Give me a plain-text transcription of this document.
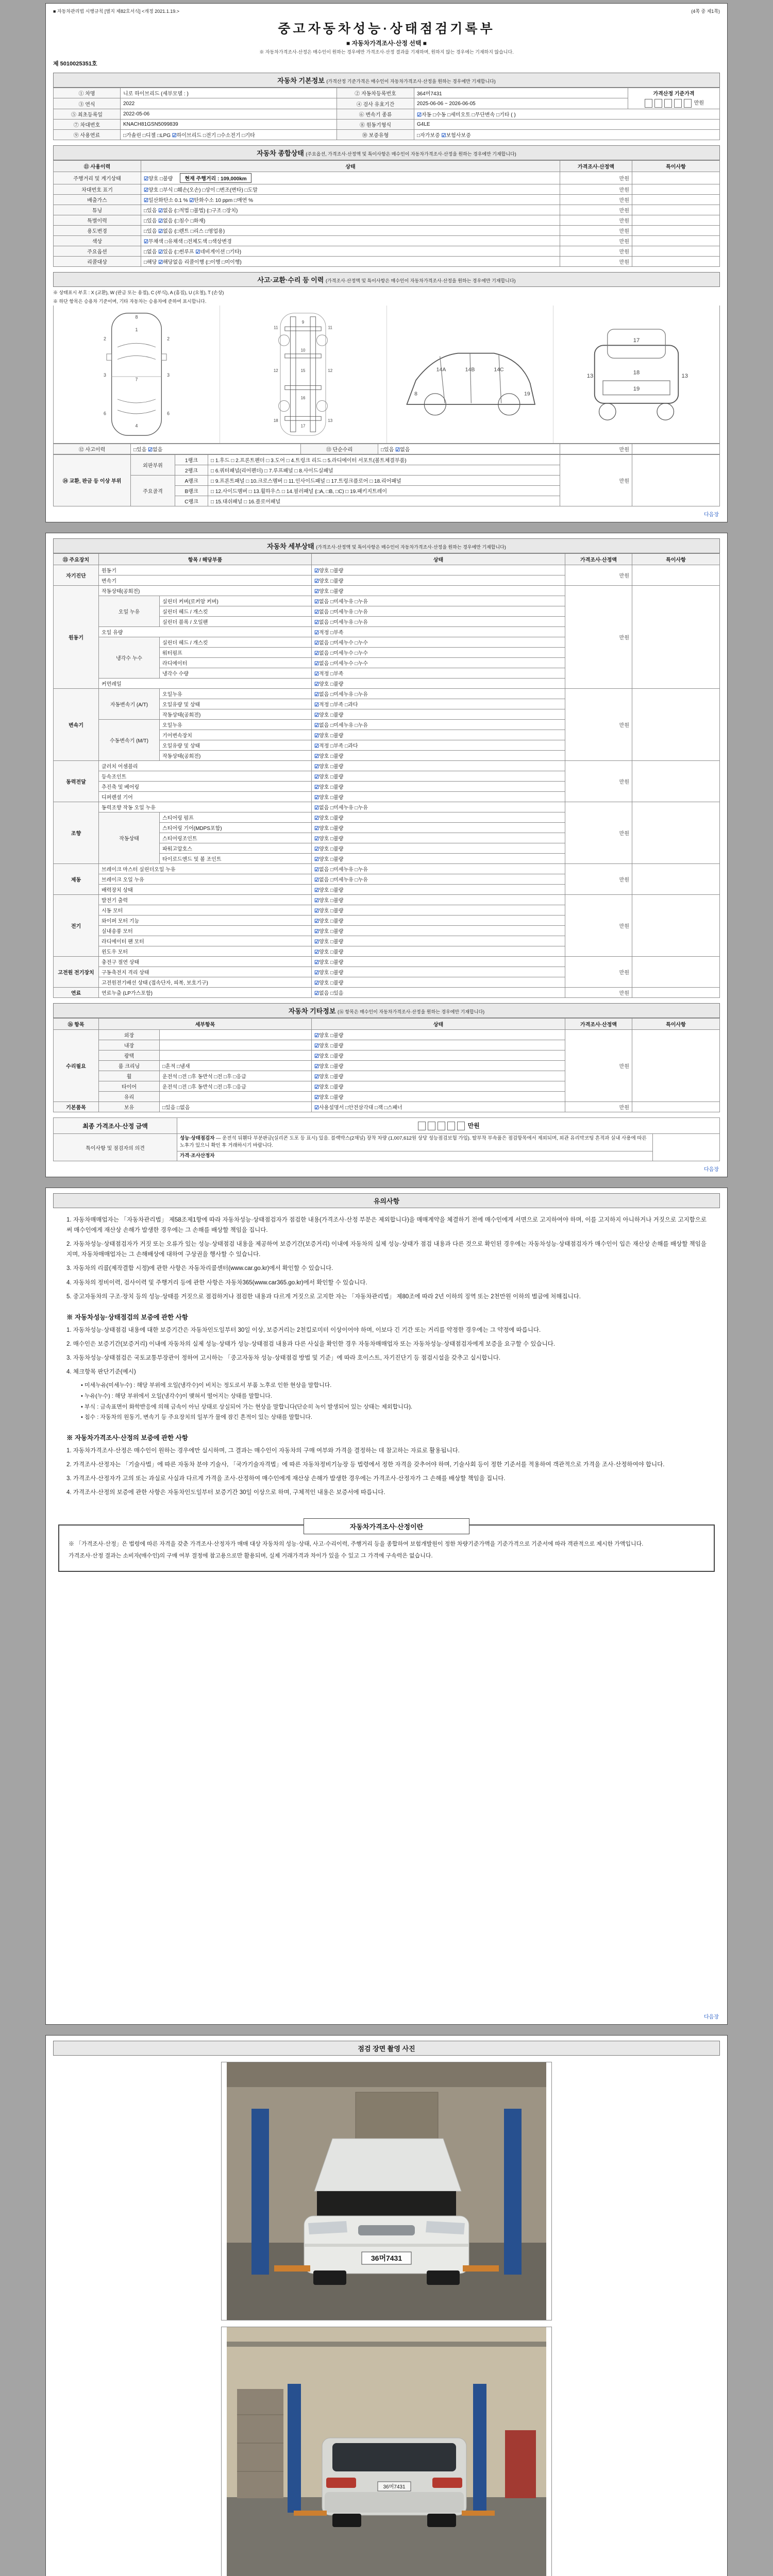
■ 자동차관리법 시행규칙 [별지 제82호서식] <개정 2021.1.19.>	(4쪽 중 제1쪽)
중고자동차성능·상태점검기록부
■ 자동차가격조사·산정 선택 ■
※ 자동차가격조사·산정은 매수인이 원하는 경우에만 가격조사·산정 결과를 기재하며, 원하지 않는 경우에는 기재하지 않습니다.
제 5010025351호
자동차 기본정보 (가격산정 기준가격은 매수인이 자동차가격조사·산정을 원하는 경우에만 기재합니다)
① 차명	니로 하이브리드 (세부모델 : )	② 자동차등록번호	364머7431	가격산정 기준가격
만원

③ 연식	2022	④ 검사 유효기간	2025-06-06 ~ 2026-06-05	
⑤ 최초등록일	2022-05-06	⑥ 변속기 종류	☑자동 □수동 □세미오토 □무단변속 □기타 ( )	
⑦ 차대번호	KNACH81GSN5099839	⑧ 원동기형식	G4LE	
⑨ 사용연료	□가솔린 □디젤 □LPG ☑하이브리드 □전기 □수소전기 □기타	⑩ 보증유형	□자가보증 ☑보험사보증	
자동차 종합상태 (주요옵션, 가격조사·산정액 및 특이사항은 매수인이 자동차가격조사·산정을 원하는 경우에만 기재합니다)
⑪ 사용이력	상태	가격조사·산정액	특이사항
주행거리 및 계기상태	☑양호 □불량 현재 주행거리 : 109,000km	만원	
차대번호 표기	☑양호 □부식 □훼손(오손) □상이 □변조(변타) □도말	만원	
배출가스	☑일산화탄소 0.1 % ☑탄화수소 10 ppm □매연 %	만원	
튜닝	□있음 ☑없음 (□적법 □불법) (□구조 □장치)	만원	
특별이력	□있음 ☑없음 (□침수 □화재)	만원	
용도변경	□있음 ☑없음 (□렌트 □리스 □영업용)	만원	
색상	☑무채색 □유채색 □전체도색 □색상변경	만원	
주요옵션	□없음 ☑있음 (□썬루프 ☑네비게이션 □기타)	만원	
리콜대상	□해당 ☑해당없음 리콜이행 (□이행 □미이행)	만원	
사고·교환·수리 등 이력 (가격조사·산정액 및 특이사항은 매수인이 자동차가격조사·산정을 원하는 경우에만 기재합니다)
※ 상태표시 부호 : X (교환), W (판금 또는 용접), C (부식), A (흠집), U (요철), T (손상)
※ 하단 항목은 승용차 기준이며, 기타 자동차는 승용차에 준하여 표시합니다.
1
7
4
2	2
3	3
6	6
8
9
10
15
16
17
12	12
11	11
18	13
14A	14B	14C
8	19
17
18
19
13	13
⑫ 사고이력	□있음 ☑없음	⑬ 단순수리	□있음 ☑없음	만원	
⑭ 교환, 판금 등 이상 부위	외판부위	1랭크	□ 1.후드 □ 2.프론트펜더 □ 3.도어 □ 4.트렁크 리드 □ 5.라디에이터 서포트(볼트체결부품)	만원	
		2랭크	□ 6.쿼터패널(리어펜더) □ 7.루프패널 □ 8.사이드실패널		
	주요골격	A랭크	□ 9.프론트패널 □ 10.크로스멤버 □ 11.인사이드패널 □ 17.트렁크플로어 □ 18.리어패널		
		B랭크	□ 12.사이드멤버 □ 13.휠하우스 □ 14.필러패널 (□A, □B, □C) □ 19.패키지트레이		
		C랭크	□ 15.대쉬패널 □ 16.플로어패널		
다음장
자동차 세부상태 (가격조사·산정액 및 특이사항은 매수인이 자동차가격조사·산정을 원하는 경우에만 기재합니다)
⑮ 주요장치	항목 / 해당부품		상태	가격조사·산정액	특이사항
자기진단	원동기		☑양호 □불량	만원	
	변속기		☑양호 □불량		
원동기	작동상태(공회전)		☑양호 □불량	만원	
	오일 누유	실린더 커버(로커암 커버)	☑없음 □미세누유 □누유		
		실린더 헤드 / 개스킷	☑없음 □미세누유 □누유		
		실린더 블록 / 오일팬	☑없음 □미세누유 □누유		
	오일 유량		☑적정 □부족		
	냉각수 누수	실린더 헤드 / 개스킷	☑없음 □미세누수 □누수		
		워터펌프	☑없음 □미세누수 □누수		
		라디에이터	☑없음 □미세누수 □누수		
		냉각수 수량	☑적정 □부족		
	커먼레일		☑양호 □불량		
변속기	자동변속기 (A/T)	오일누유	☑없음 □미세누유 □누유	만원	
		오일유량 및 상태	☑적정 □부족 □과다		
		작동상태(공회전)	☑양호 □불량		
	수동변속기 (M/T)	오일누유	☑없음 □미세누유 □누유		
		기어변속장치	☑양호 □불량		
		오일유량 및 상태	☑적정 □부족 □과다		
		작동상태(공회전)	☑양호 □불량		
동력전달	클러치 어셈블리		☑양호 □불량	만원	
	등속조인트		☑양호 □불량		
	추진축 및 베어링		☑양호 □불량		
	디퍼렌셜 기어		☑양호 □불량		
조향	동력조향 작동 오일 누유		☑없음 □미세누유 □누유	만원	
	작동상태	스티어링 펌프	☑양호 □불량		
		스티어링 기어(MDPS포함)	☑양호 □불량		
		스티어링조인트	☑양호 □불량		
		파워고압호스	☑양호 □불량		
		타이로드엔드 및 볼 조인트	☑양호 □불량		
제동	브레이크 마스터 실린더오일 누유		☑없음 □미세누유 □누유	만원	
	브레이크 오일 누유		☑없음 □미세누유 □누유		
	배력장치 상태		☑양호 □불량		
전기	발전기 출력		☑양호 □불량	만원	
	시동 모터		☑양호 □불량		
	와이퍼 모터 기능		☑양호 □불량		
	실내송풍 모터		☑양호 □불량		
	라디에이터 팬 모터		☑양호 □불량		
	윈도우 모터		☑양호 □불량		
고전원 전기장치	충전구 절연 상태		☑양호 □불량	만원	
	구동축전지 격리 상태		☑양호 □불량		
	고전원전기배선 상태 (접속단자, 피복, 보호기구)		☑양호 □불량		
연료	연료누출 (LP가스포함)		☑없음 □있음	만원	
자동차 기타정보 (⑯ 항목은 매수인이 자동차가격조사·산정을 원하는 경우에만 기재합니다)
⑯ 항목	세부항목		상태	가격조사·산정액	특이사항
수리필요	외장		☑양호 □불량	만원	
	내장		☑양호 □불량		
	광택		☑양호 □불량		
	룸 크리닝	□흔적 □냄새	☑양호 □불량		
	휠	운전석 □전 □후 동반석 □전 □후 □응급	☑양호 □불량		
	타이어	운전석 □전 □후 동반석 □전 □후 □응급	☑양호 □불량		
	유리		☑양호 □불량		
기본품목	보유	□있음 □없음	☑사용설명서 □안전삼각대 □잭 □스패너	만원	
최종 가격조사·산정 금액	만원	
특이사항 및 점검자의 의견	성능·상태점검자 — 운전석 뒤휀다 부분판금(실리콘 도포 등 표시) 있음. 블랙박스(2채널) 장착 차량 (1,007,612원 상당 성능점검보험 가입). 탈부착 부속품은 점검항목에서 제외되며, 외관 유리막코팅 흔적과 실내 사용에 따른 노후가 있으니 확인 후 거래하시기 바랍니다.	
	가격·조사산정자	
다음장
유의사항

1. 자동차매매업자는 「자동차관리법」 제58조제1항에 따라 자동차성능·상태점검자가 점검한 내용(가격조사·산정 부분은 제외합니다)을 매매계약을 체결하기 전에 매수인에게 서면으로 고지하여야 하며, 이를 고지하지 아니하거나 거짓으로 고지함으로써 매수인에게 재산상 손해가 발생한 경우에는 그 손해를 배상할 책임을 집니다.

2. 자동차성능·상태점검자가 거짓 또는 오류가 있는 성능·상태점검 내용을 제공하여 보증기간(보증거리) 이내에 자동차의 실제 성능·상태가 점검 내용과 다른 것으로 확인된 경우에는 자동차성능·상태점검자가 매수인이 입은 재산상 손해를 배상할 책임을 지며, 자동차매매업자는 그 손해배상에 대하여 구상권을 행사할 수 있습니다.

3. 자동차의 리콜(제작결함 시정)에 관한 사항은 자동차리콜센터(www.car.go.kr)에서 확인할 수 있습니다.

4. 자동차의 정비이력, 검사이력 및 주행거리 등에 관한 사항은 자동차365(www.car365.go.kr)에서 확인할 수 있습니다.

5. 중고자동차의 구조·장치 등의 성능·상태를 거짓으로 점검하거나 점검한 내용과 다르게 거짓으로 고지한 자는 「자동차관리법」 제80조에 따라 2년 이하의 징역 또는 2천만원 이하의 벌금에 처해집니다.

※ 자동차성능·상태점검의 보증에 관한 사항

1. 자동차성능·상태점검 내용에 대한 보증기간은 자동차인도일부터 30일 이상, 보증거리는 2천킬로미터 이상이어야 하며, 이보다 긴 기간 또는 거리를 약정한 경우에는 그 약정에 따릅니다.

2. 매수인은 보증기간(보증거리) 이내에 자동차의 실제 성능·상태가 성능·상태점검 내용과 다른 사실을 확인한 경우 자동차매매업자 또는 자동차성능·상태점검자에게 보증을 요구할 수 있습니다.

3. 자동차성능·상태점검은 국토교통부장관이 정하여 고시하는 「중고자동차 성능·상태점검 방법 및 기준」에 따라 호이스트, 자기진단기 등 점검시설을 갖추고 실시합니다.

4. 체크항목 판단기준(예시)

• 미세누유(미세누수) : 해당 부위에 오일(냉각수)이 비치는 정도로서 부품 노후로 인한 현상을 말합니다.

• 누유(누수) : 해당 부위에서 오일(냉각수)이 맺혀서 떨어지는 상태를 말합니다.

• 부식 : 금속표면이 화학반응에 의해 금속이 아닌 상태로 상실되어 가는 현상을 말합니다(단순히 녹이 발생되어 있는 상태는 제외합니다).

• 침수 : 자동차의 원동기, 변속기 등 주요장치의 일부가 물에 잠긴 흔적이 있는 상태를 말합니다.

※ 자동차가격조사·산정의 보증에 관한 사항

1. 자동차가격조사·산정은 매수인이 원하는 경우에만 실시하며, 그 결과는 매수인이 자동차의 구매 여부와 가격을 결정하는 데 참고하는 자료로 활용됩니다.

2. 가격조사·산정자는 「기술사법」에 따른 자동차 분야 기술사, 「국가기술자격법」에 따른 자동차정비기능장 등 법령에서 정한 자격을 갖추어야 하며, 기술사회 등이 정한 기준서를 적용하여 객관적으로 가격을 조사·산정하여야 합니다.

3. 가격조사·산정자가 고의 또는 과실로 사실과 다르게 가격을 조사·산정하여 매수인에게 재산상 손해가 발생한 경우에는 가격조사·산정자가 그 손해를 배상할 책임을 집니다.

4. 가격조사·산정의 보증에 관한 사항은 자동차인도일부터 보증기간 30일 이상으로 하며, 구체적인 내용은 보증서에 따릅니다.

자동차가격조사·산정이란

※ 「가격조사·산정」은 법령에 따른 자격을 갖춘 가격조사·산정자가 매매 대상 자동차의 성능·상태, 사고·수리이력, 주행거리 등을 종합하여 보험개발원이 정한 차량기준가액을 기준가격으로 기준서에 따라 객관적으로 제시한 가액입니다.

가격조사·산정 결과는 소비자(매수인)의 구매 여부 결정에 참고용으로만 활용되며, 실제 거래가격과 차이가 있을 수 있고 그 가격에 구속력은 없습니다.

다음장
점검 장면 촬영 사진
36머7431
36머7431
